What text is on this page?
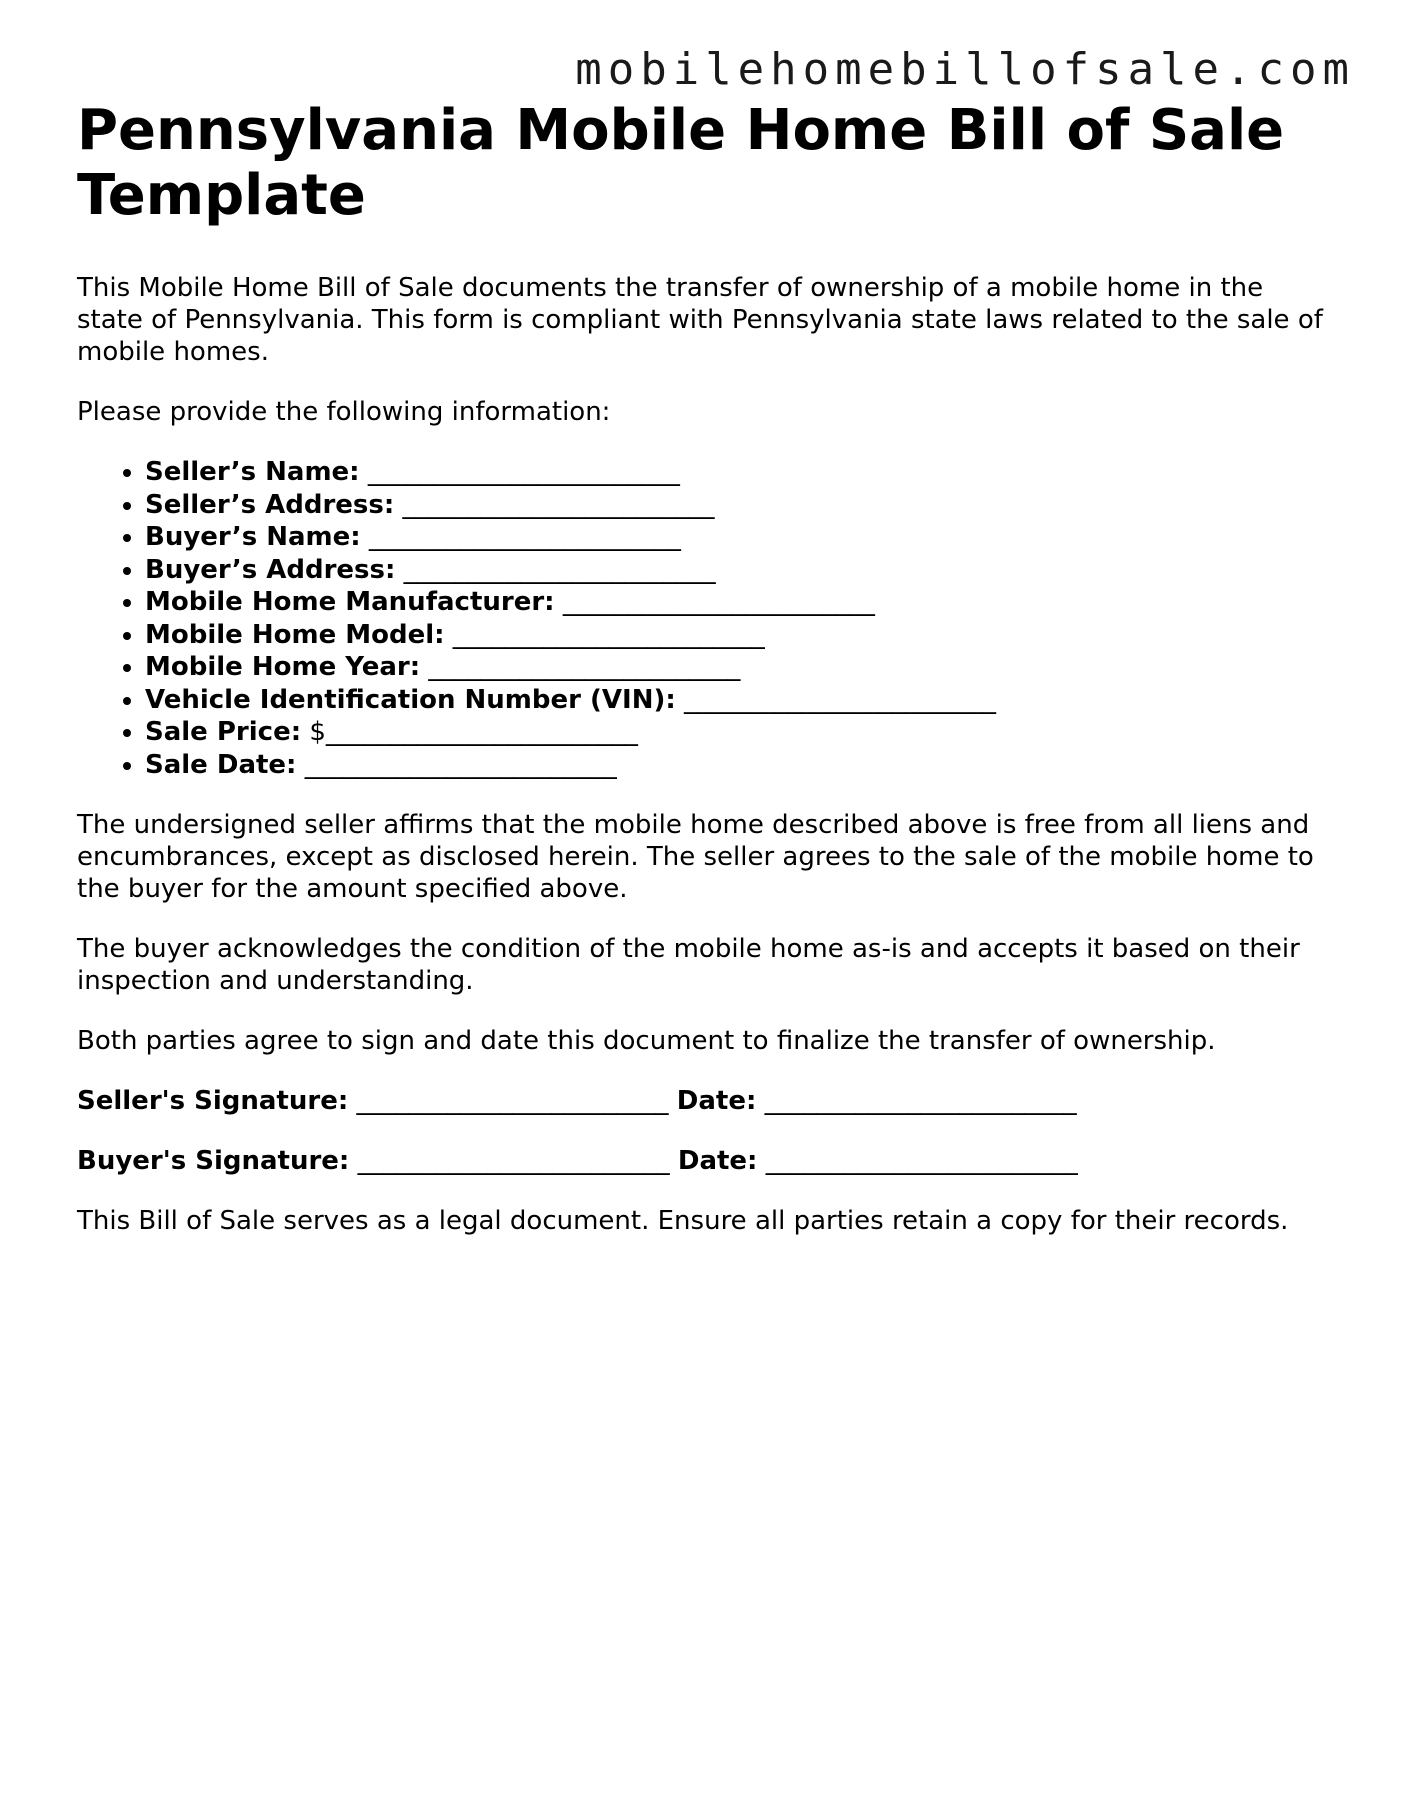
mobilehomebillofsale.com
Pennsylvania Mobile Home Bill of Sale Template

This Mobile Home Bill of Sale documents the transfer of ownership of a mobile home in the state of Pennsylvania. This form is compliant with Pennsylvania state laws related to the sale of mobile homes.

Please provide the following information:

• Seller’s Name: ________________________
• Seller’s Address: ________________________
• Buyer’s Name: ________________________
• Buyer’s Address: ________________________
• Mobile Home Manufacturer: ________________________
• Mobile Home Model: ________________________
• Mobile Home Year: ________________________
• Vehicle Identification Number (VIN): ________________________
• Sale Price: $________________________
• Sale Date: ________________________

The undersigned seller affirms that the mobile home described above is free from all liens and encumbrances, except as disclosed herein. The seller agrees to the sale of the mobile home to the buyer for the amount specified above.

The buyer acknowledges the condition of the mobile home as-is and accepts it based on their inspection and understanding.

Both parties agree to sign and date this document to finalize the transfer of ownership.

Seller's Signature: ________________________ Date: ________________________

Buyer's Signature: ________________________ Date: ________________________

This Bill of Sale serves as a legal document. Ensure all parties retain a copy for their records.
